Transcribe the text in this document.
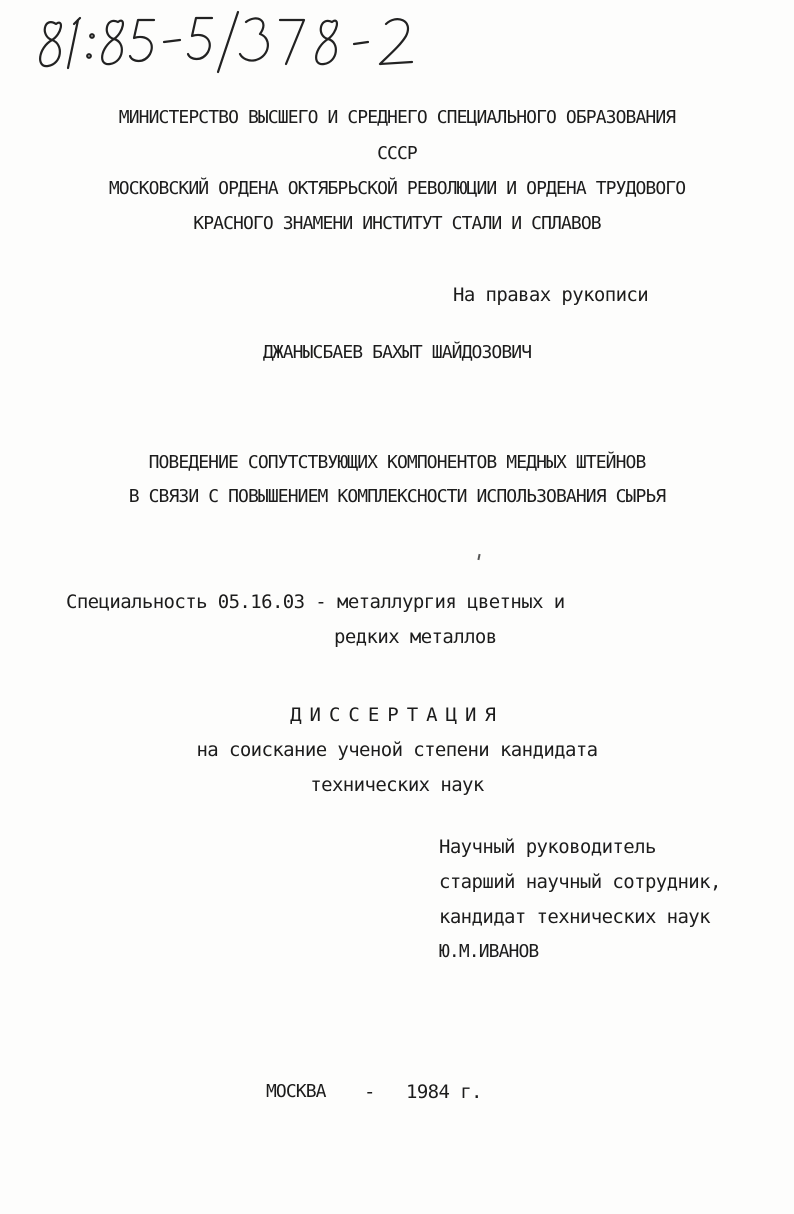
81:85-5/378-2
МИНИСТЕРСТВО ВЫСШЕГО И СРЕДНЕГО СПЕЦИАЛЬНОГО ОБРАЗОВАНИЯ
СССР
МОСКОВСКИЙ ОРДЕНА ОКТЯБРЬСКОЙ РЕВОЛЮЦИИ И ОРДЕНА ТРУДОВОГО
КРАСНОГО ЗНАМЕНИ ИНСТИТУТ СТАЛИ И СПЛАВОВ
На правах рукописи
ДЖАНЫСБАЕВ БАХЫТ ШАЙДОЗОВИЧ
ПОВЕДЕНИЕ СОПУТСТВУЮЩИХ КОМПОНЕНТОВ МЕДНЫХ ШТЕЙНОВ
В СВЯЗИ С ПОВЫШЕНИЕМ КОМПЛЕКСНОСТИ ИСПОЛЬЗОВАНИЯ СЫРЬЯ
Специальность 05.16.03 - металлургия цветных и
редких металлов
ДИССЕРТАЦИЯ
на соискание ученой степени кандидата
технических наук
Научный руководитель
старший научный сотрудник,
кандидат технических наук
Ю.М.ИВАНОВ
МОСКВА - 1984 г.
